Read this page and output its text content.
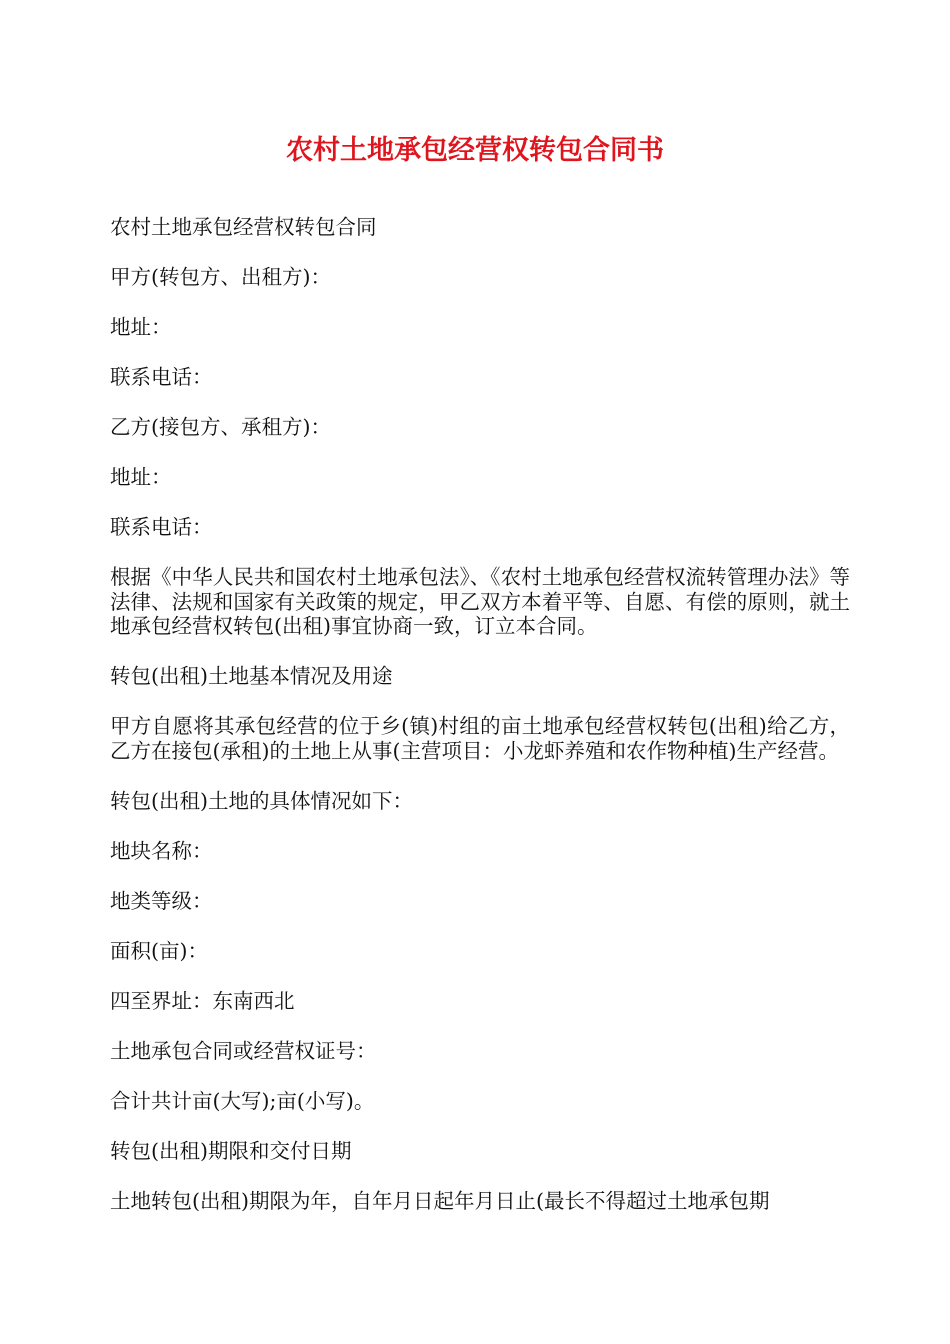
农村土地承包经营权转包合同书

农村土地承包经营权转包合同

甲方(转包方、出租方)：

地址：

联系电话：

乙方(接包方、承租方)：

地址：

联系电话：

根据《中华人民共和国农村土地承包法》、《农村土地承包经营权流转管理办法》等法律、法规和国家有关政策的规定，甲乙双方本着平等、自愿、有偿的原则，就土地承包经营权转包(出租)事宜协商一致，订立本合同。

转包(出租)土地基本情况及用途

甲方自愿将其承包经营的位于乡(镇)村组的亩土地承包经营权转包(出租)给乙方，乙方在接包(承租)的土地上从事(主营项目：小龙虾养殖和农作物种植)生产经营。

转包(出租)土地的具体情况如下：

地块名称：

地类等级：

面积(亩)：

四至界址：东南西北

土地承包合同或经营权证号：

合计共计亩(大写);亩(小写)。

转包(出租)期限和交付日期

土地转包(出租)期限为年，自年月日起年月日止(最长不得超过土地承包期
